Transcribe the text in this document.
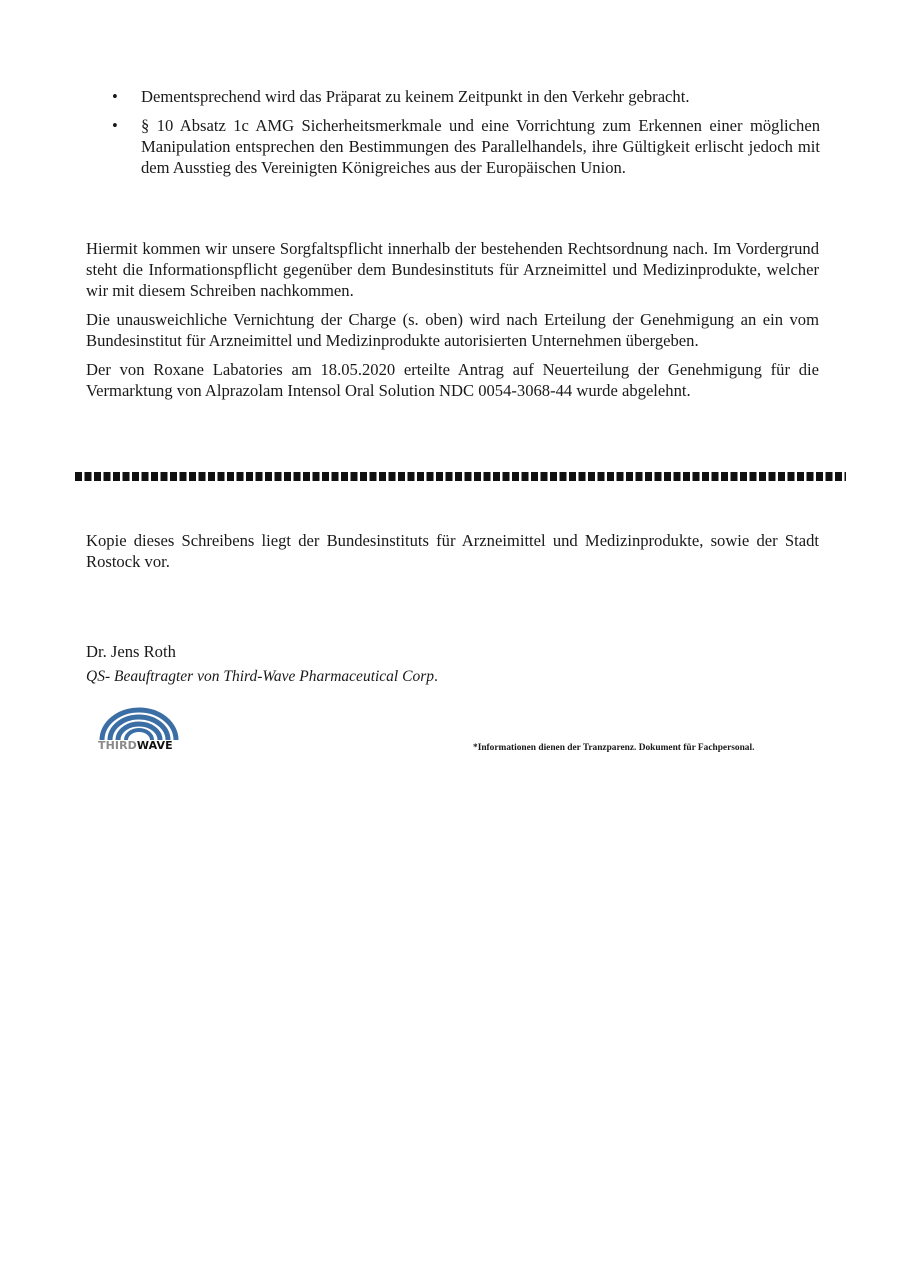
• Dementsprechend wird das Präparat zu keinem Zeitpunkt in den Verkehr gebracht.
• § 10 Absatz 1c AMG Sicherheitsmerkmale und eine Vorrichtung zum Erkennen einer möglichen Manipulation entsprechen den Bestimmungen des Parallelhandels, ihre Gültigkeit erlischt jedoch mit dem Ausstieg des Vereinigten Königreiches aus der Europäischen Union.

Hiermit kommen wir unsere Sorgfaltspflicht innerhalb der bestehenden Rechtsordnung nach. Im Vordergrund steht die Informationspflicht gegenüber dem Bundesinstituts für Arzneimittel und Medizinprodukte, welcher wir mit diesem Schreiben nachkommen.

Die unausweichliche Vernichtung der Charge (s. oben) wird nach Erteilung der Genehmigung an ein vom Bundesinstitut für Arzneimittel und Medizinprodukte autorisierten Unternehmen übergeben.

Der von Roxane Labatories am 18.05.2020 erteilte Antrag auf Neuerteilung der Genehmigung für die Vermarktung von Alprazolam Intensol Oral Solution NDC 0054-3068-44 wurde abgelehnt.

Kopie dieses Schreibens liegt der Bundesinstituts für Arzneimittel und Medizinprodukte, sowie der Stadt Rostock vor.

Dr. Jens Roth
QS- Beauftragter von Third-Wave Pharmaceutical Corp.
THIRDWAVE	*Informationen dienen der Tranzparenz. Dokument für Fachpersonal.
